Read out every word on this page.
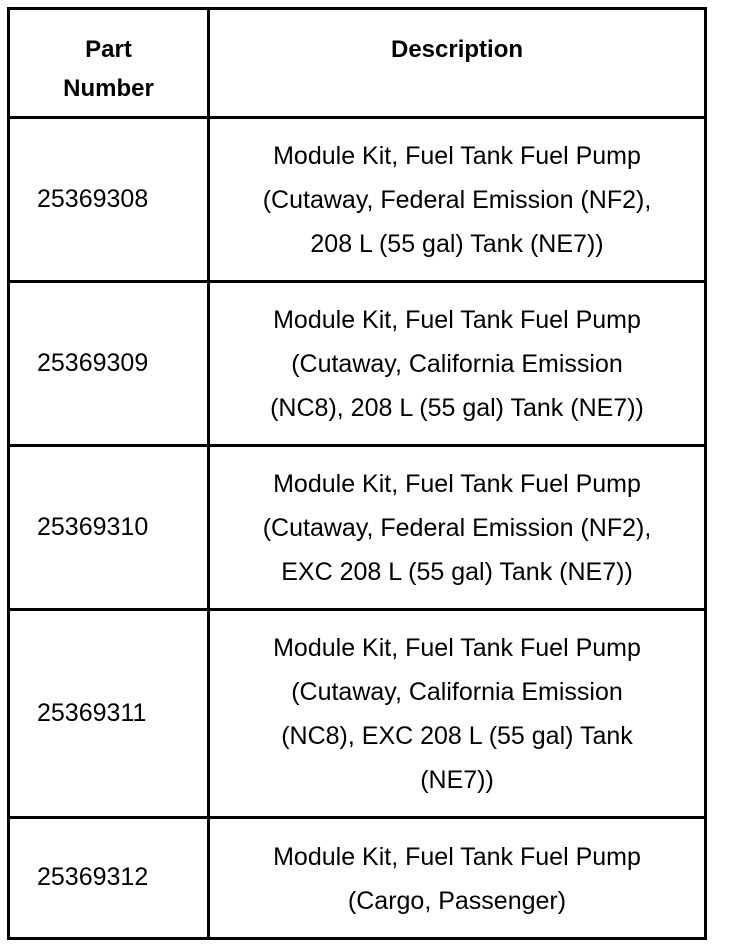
Part
Number	Description

25369308	Module Kit, Fuel Tank Fuel Pump
(Cutaway, Federal Emission (NF2),
208 L (55 gal) Tank (NE7))

25369309	Module Kit, Fuel Tank Fuel Pump
(Cutaway, California Emission
(NC8), 208 L (55 gal) Tank (NE7))

25369310	Module Kit, Fuel Tank Fuel Pump
(Cutaway, Federal Emission (NF2),
EXC 208 L (55 gal) Tank (NE7))

25369311	Module Kit, Fuel Tank Fuel Pump
(Cutaway, California Emission
(NC8), EXC 208 L (55 gal) Tank
(NE7))

25369312	Module Kit, Fuel Tank Fuel Pump
(Cargo, Passenger)
